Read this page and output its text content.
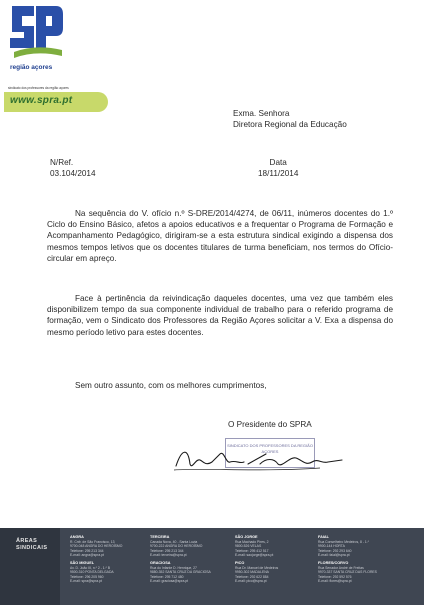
região açores
sindicato dos professores da região açores
www.spra.pt
Exma. Senhora
Diretora Regional da Educação
N/Ref.
03.104/2014
Data
18/11/2014

Na sequência do V. ofício n.º S-DRE/2014/4274, de 06/11, inúmeros docentes do 1.º Ciclo do Ensino Básico, afetos a apoios educativos e a frequentar o Programa de Formação e Acompanhamento Pedagógico, dirigiram-se a esta estrutura sindical exigindo a dispensa dos mesmos tempos letivos que os docentes titulares de turma beneficiam, nos termos do Ofício-circular em apreço.

Face à pertinência da reivindicação daqueles docentes, uma vez que também eles disponibilizem tempo da sua componente individual de trabalho para o referido programa de formação, vem o Sindicato dos Professores da Região Açores solicitar a V. Exa a dispensa do mesmo período letivo para estes docentes.

Sem outro assunto, com os melhores cumprimentos,

O Presidente do SPRA
SINDICATO DOS PROFESSORES DA REGIÃO AÇORES
ÁREAS
SINDICAIS
ANGRA
R. Cnfr. de São Francisco, 13
9700-048 ANGRA DO HEROÍSMO
Telefone: 295 213 344
E-mail: angra@spra.pt
SÃO MIGUEL
Av. D. João III, n.º 2 - 1.º B
9500-310 PONTA DELGADA
Telefone: 296 205 960
E-mail: spra@spra.pt
TERCEIRA
Canada Nova, 40 - Santa Luzia
9700-222 ANGRA DO HEROÍSMO
Telefone: 295 213 344
E-mail: terceira@spra.pt
GRACIOSA
Rua do Infante D. Henrique, 27
9880-352 SANTA CRUZ DA GRACIOSA
Telefone: 295 712 480
E-mail: graciosa@spra.pt
SÃO JORGE
Rua Machado Pires, 2
9800-526 VELAS
Telefone: 295 412 517
E-mail: saojorge@spra.pt
PICO
Rua Dr. Manuel de Medeiros
9950-302 MADALENA
Telefone: 292 622 884
E-mail: pico@spra.pt
FAIAL
Rua Conselheiro Medeiros, 8 - 1.º
9900-144 HORTA
Telefone: 292 293 640
E-mail: faial@spra.pt
FLORES/CORVO
Rua Senador André de Freitas
9970-337 SANTA CRUZ DAS FLORES
Telefone: 292 592 576
E-mail: flores@spra.pt
